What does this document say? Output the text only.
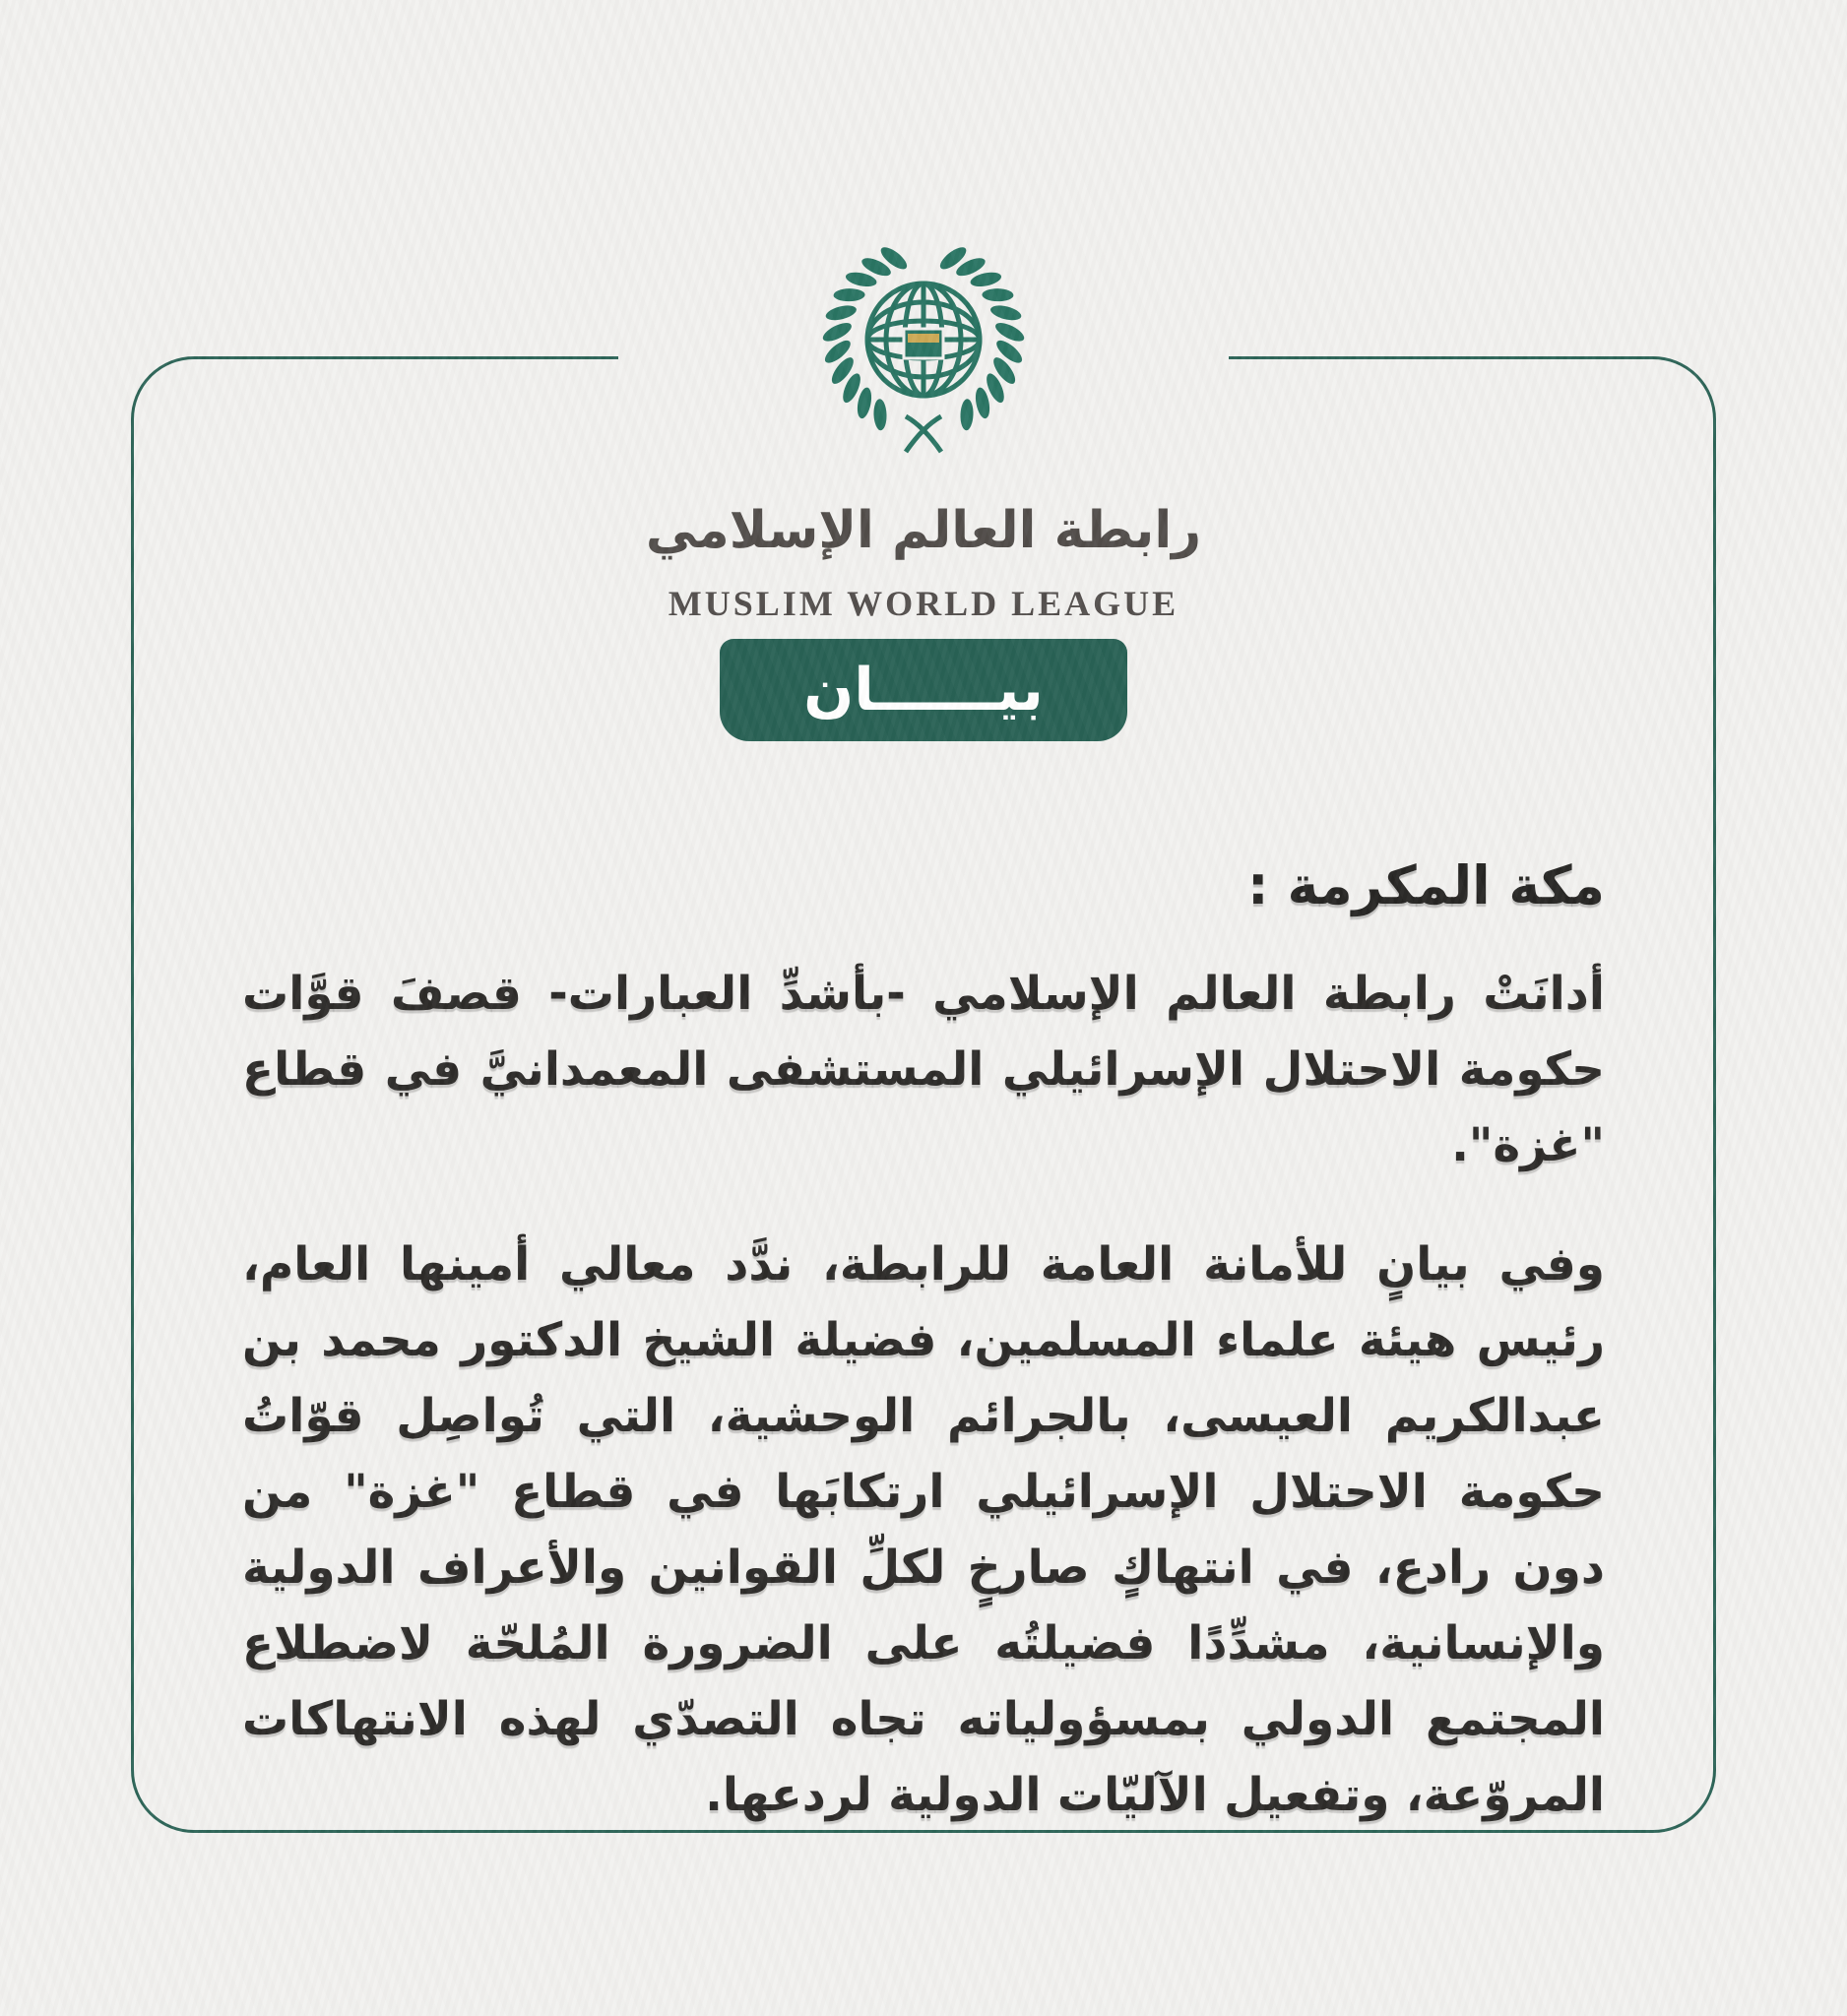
رابطة العالم الإسلامي
MUSLIM WORLD LEAGUE
بيــــــان
مكة المكرمة :

أدانَتْ رابطة العالم الإسلامي -بأشدِّ العبارات- قصفَ قوَّات حكومة الاحتلال الإسرائيلي المستشفى المعمدانيَّ في قطاع "غزة".

وفي بيانٍ للأمانة العامة للرابطة، ندَّد معالي أمينها العام، رئيس هيئة علماء المسلمين، فضيلة الشيخ الدكتور محمد بن عبدالكريم العيسى، بالجرائم الوحشية، التي تُواصِل قوّاتُ حكومة الاحتلال الإسرائيلي ارتكابَها في قطاع "غزة" من دون رادع، في انتهاكٍ صارخٍ لكلِّ القوانين والأعراف الدولية والإنسانية، مشدِّدًا فضيلتُه على الضرورة المُلحّة لاضطلاع المجتمع الدولي بمسؤولياته تجاه التصدّي لهذه الانتهاكات المروّعة، وتفعيل الآليّات الدولية لردعها.
